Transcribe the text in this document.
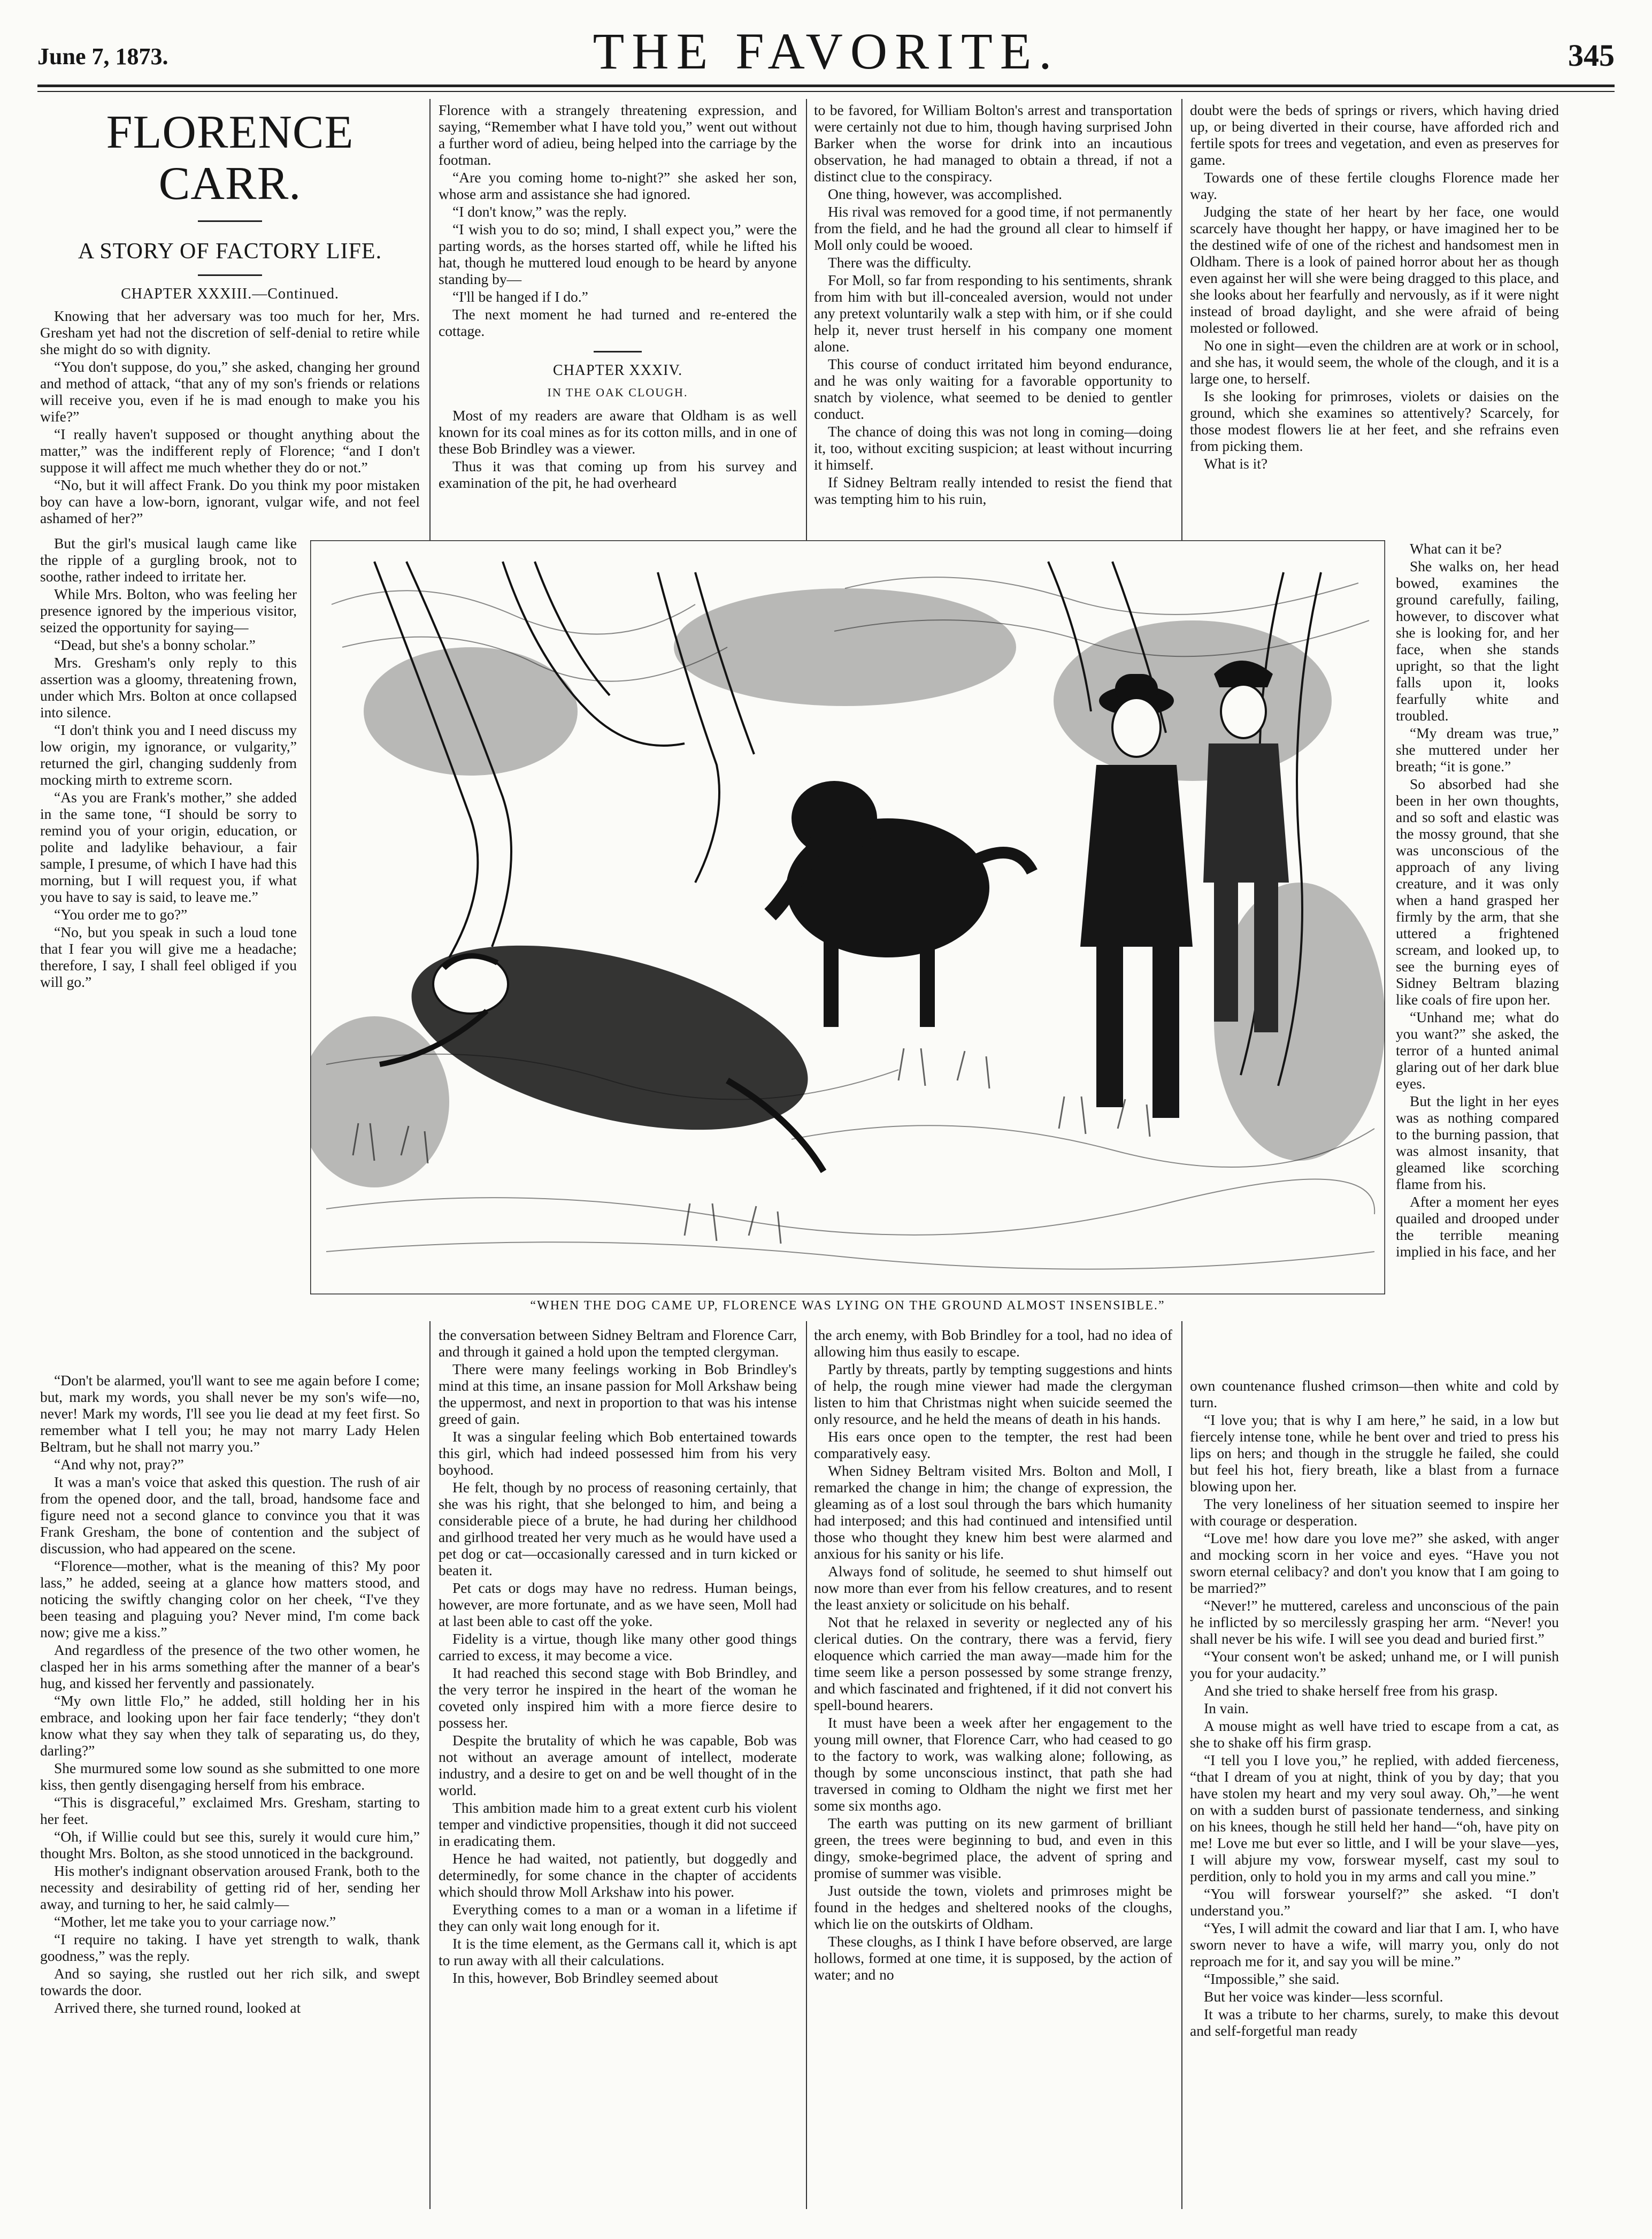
June 7, 1873.	THE FAVORITE.	345
FLORENCE CARR.
A STORY OF FACTORY LIFE.
CHAPTER XXXIII.—Continued.

Knowing that her adversary was too much for her, Mrs. Gresham yet had not the discretion of self-denial to retire while she might do so with dignity.

“You don't suppose, do you,” she asked, changing her ground and method of attack, “that any of my son's friends or relations will receive you, even if he is mad enough to make you his wife?”

“I really haven't supposed or thought anything about the matter,” was the indifferent reply of Florence; “and I don't suppose it will affect me much whether they do or not.”

“No, but it will affect Frank. Do you think my poor mistaken boy can have a low-born, ignorant, vulgar wife, and not feel ashamed of her?”

But the girl's musical laugh came like the ripple of a gurgling brook, not to soothe, rather indeed to irritate her.

While Mrs. Bolton, who was feeling her presence ignored by the imperious visitor, seized the opportunity for saying—

“Dead, but she's a bonny scholar.”

Mrs. Gresham's only reply to this assertion was a gloomy, threatening frown, under which Mrs. Bolton at once collapsed into silence.

“I don't think you and I need discuss my low origin, my ignorance, or vulgarity,” returned the girl, changing suddenly from mocking mirth to extreme scorn.

“As you are Frank's mother,” she added in the same tone, “I should be sorry to remind you of your origin, education, or polite and ladylike behaviour, a fair sample, I presume, of which I have had this morning, but I will request you, if what you have to say is said, to leave me.”

“You order me to go?”

“No, but you speak in such a loud tone that I fear you will give me a headache; therefore, I say, I shall feel obliged if you will go.”

“Don't be alarmed, you'll want to see me again before I come; but, mark my words, you shall never be my son's wife—no, never! Mark my words, I'll see you lie dead at my feet first. So remember what I tell you; he may not marry Lady Helen Beltram, but he shall not marry you.”

“And why not, pray?”

It was a man's voice that asked this question. The rush of air from the opened door, and the tall, broad, handsome face and figure need not a second glance to convince you that it was Frank Gresham, the bone of contention and the subject of discussion, who had appeared on the scene.

“Florence—mother, what is the meaning of this? My poor lass,” he added, seeing at a glance how matters stood, and noticing the swiftly changing color on her cheek, “I've they been teasing and plaguing you? Never mind, I'm come back now; give me a kiss.”

And regardless of the presence of the two other women, he clasped her in his arms something after the manner of a bear's hug, and kissed her fervently and passionately.

“My own little Flo,” he added, still holding her in his embrace, and looking upon her fair face tenderly; “they don't know what they say when they talk of separating us, do they, darling?”

She murmured some low sound as she submitted to one more kiss, then gently disengaging herself from his embrace.

“This is disgraceful,” exclaimed Mrs. Gresham, starting to her feet.

“Oh, if Willie could but see this, surely it would cure him,” thought Mrs. Bolton, as she stood unnoticed in the background.

His mother's indignant observation aroused Frank, both to the necessity and desirability of getting rid of her, sending her away, and turning to her, he said calmly—

“Mother, let me take you to your carriage now.”

“I require no taking. I have yet strength to walk, thank goodness,” was the reply.

And so saying, she rustled out her rich silk, and swept towards the door.

Arrived there, she turned round, looked at

Florence with a strangely threatening expression, and saying, “Remember what I have told you,” went out without a further word of adieu, being helped into the carriage by the footman.

“Are you coming home to-night?” she asked her son, whose arm and assistance she had ignored.

“I don't know,” was the reply.

“I wish you to do so; mind, I shall expect you,” were the parting words, as the horses started off, while he lifted his hat, though he muttered loud enough to be heard by anyone standing by—

“I'll be hanged if I do.”

The next moment he had turned and re-entered the cottage.

CHAPTER XXXIV.
IN THE OAK CLOUGH.

Most of my readers are aware that Oldham is as well known for its coal mines as for its cotton mills, and in one of these Bob Brindley was a viewer.

Thus it was that coming up from his survey and examination of the pit, he had overheard

the conversation between Sidney Beltram and Florence Carr, and through it gained a hold upon the tempted clergyman.

There were many feelings working in Bob Brindley's mind at this time, an insane passion for Moll Arkshaw being the uppermost, and next in proportion to that was his intense greed of gain.

It was a singular feeling which Bob entertained towards this girl, which had indeed possessed him from his very boyhood.

He felt, though by no process of reasoning certainly, that she was his right, that she belonged to him, and being a considerable piece of a brute, he had during her childhood and girlhood treated her very much as he would have used a pet dog or cat—occasionally caressed and in turn kicked or beaten it.

Pet cats or dogs may have no redress. Human beings, however, are more fortunate, and as we have seen, Moll had at last been able to cast off the yoke.

Fidelity is a virtue, though like many other good things carried to excess, it may become a vice.

It had reached this second stage with Bob Brindley, and the very terror he inspired in the heart of the woman he coveted only inspired him with a more fierce desire to possess her.

Despite the brutality of which he was capable, Bob was not without an average amount of intellect, moderate industry, and a desire to get on and be well thought of in the world.

This ambition made him to a great extent curb his violent temper and vindictive propensities, though it did not succeed in eradicating them.

Hence he had waited, not patiently, but doggedly and determinedly, for some chance in the chapter of accidents which should throw Moll Arkshaw into his power.

Everything comes to a man or a woman in a lifetime if they can only wait long enough for it.

It is the time element, as the Germans call it, which is apt to run away with all their calculations.

In this, however, Bob Brindley seemed about

to be favored, for William Bolton's arrest and transportation were certainly not due to him, though having surprised John Barker when the worse for drink into an incautious observation, he had managed to obtain a thread, if not a distinct clue to the conspiracy.

One thing, however, was accomplished.

His rival was removed for a good time, if not permanently from the field, and he had the ground all clear to himself if Moll only could be wooed.

There was the difficulty.

For Moll, so far from responding to his sentiments, shrank from him with but ill-concealed aversion, would not under any pretext voluntarily walk a step with him, or if she could help it, never trust herself in his company one moment alone.

This course of conduct irritated him beyond endurance, and he was only waiting for a favorable opportunity to snatch by violence, what seemed to be denied to gentler conduct.

The chance of doing this was not long in coming—doing it, too, without exciting suspicion; at least without incurring it himself.

If Sidney Beltram really intended to resist the fiend that was tempting him to his ruin,

the arch enemy, with Bob Brindley for a tool, had no idea of allowing him thus easily to escape.

Partly by threats, partly by tempting suggestions and hints of help, the rough mine viewer had made the clergyman listen to him that Christmas night when suicide seemed the only resource, and he held the means of death in his hands.

His ears once open to the tempter, the rest had been comparatively easy.

When Sidney Beltram visited Mrs. Bolton and Moll, I remarked the change in him; the change of expression, the gleaming as of a lost soul through the bars which humanity had interposed; and this had continued and intensified until those who thought they knew him best were alarmed and anxious for his sanity or his life.

Always fond of solitude, he seemed to shut himself out now more than ever from his fellow creatures, and to resent the least anxiety or solicitude on his behalf.

Not that he relaxed in severity or neglected any of his clerical duties. On the contrary, there was a fervid, fiery eloquence which carried the man away—made him for the time seem like a person possessed by some strange frenzy, and which fascinated and frightened, if it did not convert his spell-bound hearers.

It must have been a week after her engagement to the young mill owner, that Florence Carr, who had ceased to go to the factory to work, was walking alone; following, as though by some unconscious instinct, that path she had traversed in coming to Oldham the night we first met her some six months ago.

The earth was putting on its new garment of brilliant green, the trees were beginning to bud, and even in this dingy, smoke-begrimed place, the advent of spring and promise of summer was visible.

Just outside the town, violets and primroses might be found in the hedges and sheltered nooks of the cloughs, which lie on the outskirts of Oldham.

These cloughs, as I think I have before observed, are large hollows, formed at one time, it is supposed, by the action of water; and no

doubt were the beds of springs or rivers, which having dried up, or being diverted in their course, have afforded rich and fertile spots for trees and vegetation, and even as preserves for game.

Towards one of these fertile cloughs Florence made her way.

Judging the state of her heart by her face, one would scarcely have thought her happy, or have imagined her to be the destined wife of one of the richest and handsomest men in Oldham. There is a look of pained horror about her as though even against her will she were being dragged to this place, and she looks about her fearfully and nervously, as if it were night instead of broad daylight, and she were afraid of being molested or followed.

No one in sight—even the children are at work or in school, and she has, it would seem, the whole of the clough, and it is a large one, to herself.

Is she looking for primroses, violets or daisies on the ground, which she examines so attentively? Scarcely, for those modest flowers lie at her feet, and she refrains even from picking them.

What is it?

What can it be?

She walks on, her head bowed, examines the ground carefully, failing, however, to discover what she is looking for, and her face, when she stands upright, so that the light falls upon it, looks fearfully white and troubled.

“My dream was true,” she muttered under her breath; “it is gone.”

So absorbed had she been in her own thoughts, and so soft and elastic was the mossy ground, that she was unconscious of the approach of any living creature, and it was only when a hand grasped her firmly by the arm, that she uttered a frightened scream, and looked up, to see the burning eyes of Sidney Beltram blazing like coals of fire upon her.

“Unhand me; what do you want?” she asked, the terror of a hunted animal glaring out of her dark blue eyes.

But the light in her eyes was as nothing compared to the burning passion, that was almost insanity, that gleamed like scorching flame from his.

After a moment her eyes quailed and drooped under the terrible meaning implied in his face, and her

own countenance flushed crimson—then white and cold by turn.

“I love you; that is why I am here,” he said, in a low but fiercely intense tone, while he bent over and tried to press his lips on hers; and though in the struggle he failed, she could but feel his hot, fiery breath, like a blast from a furnace blowing upon her.

The very loneliness of her situation seemed to inspire her with courage or desperation.

“Love me! how dare you love me?” she asked, with anger and mocking scorn in her voice and eyes. “Have you not sworn eternal celibacy? and don't you know that I am going to be married?”

“Never!” he muttered, careless and unconscious of the pain he inflicted by so mercilessly grasping her arm. “Never! you shall never be his wife. I will see you dead and buried first.”

“Your consent won't be asked; unhand me, or I will punish you for your audacity.”

And she tried to shake herself free from his grasp.

In vain.

A mouse might as well have tried to escape from a cat, as she to shake off his firm grasp.

“I tell you I love you,” he replied, with added fierceness, “that I dream of you at night, think of you by day; that you have stolen my heart and my very soul away. Oh,”—he went on with a sudden burst of passionate tenderness, and sinking on his knees, though he still held her hand—“oh, have pity on me! Love me but ever so little, and I will be your slave—yes, I will abjure my vow, forswear myself, cast my soul to perdition, only to hold you in my arms and call you mine.”

“You will forswear yourself?” she asked. “I don't understand you.”

“Yes, I will admit the coward and liar that I am. I, who have sworn never to have a wife, will marry you, only do not reproach me for it, and say you will be mine.”

“Impossible,” she said.

But her voice was kinder—less scornful.

It was a tribute to her charms, surely, to make this devout and self-forgetful man ready

“WHEN THE DOG CAME UP, FLORENCE WAS LYING ON THE GROUND ALMOST INSENSIBLE.”
